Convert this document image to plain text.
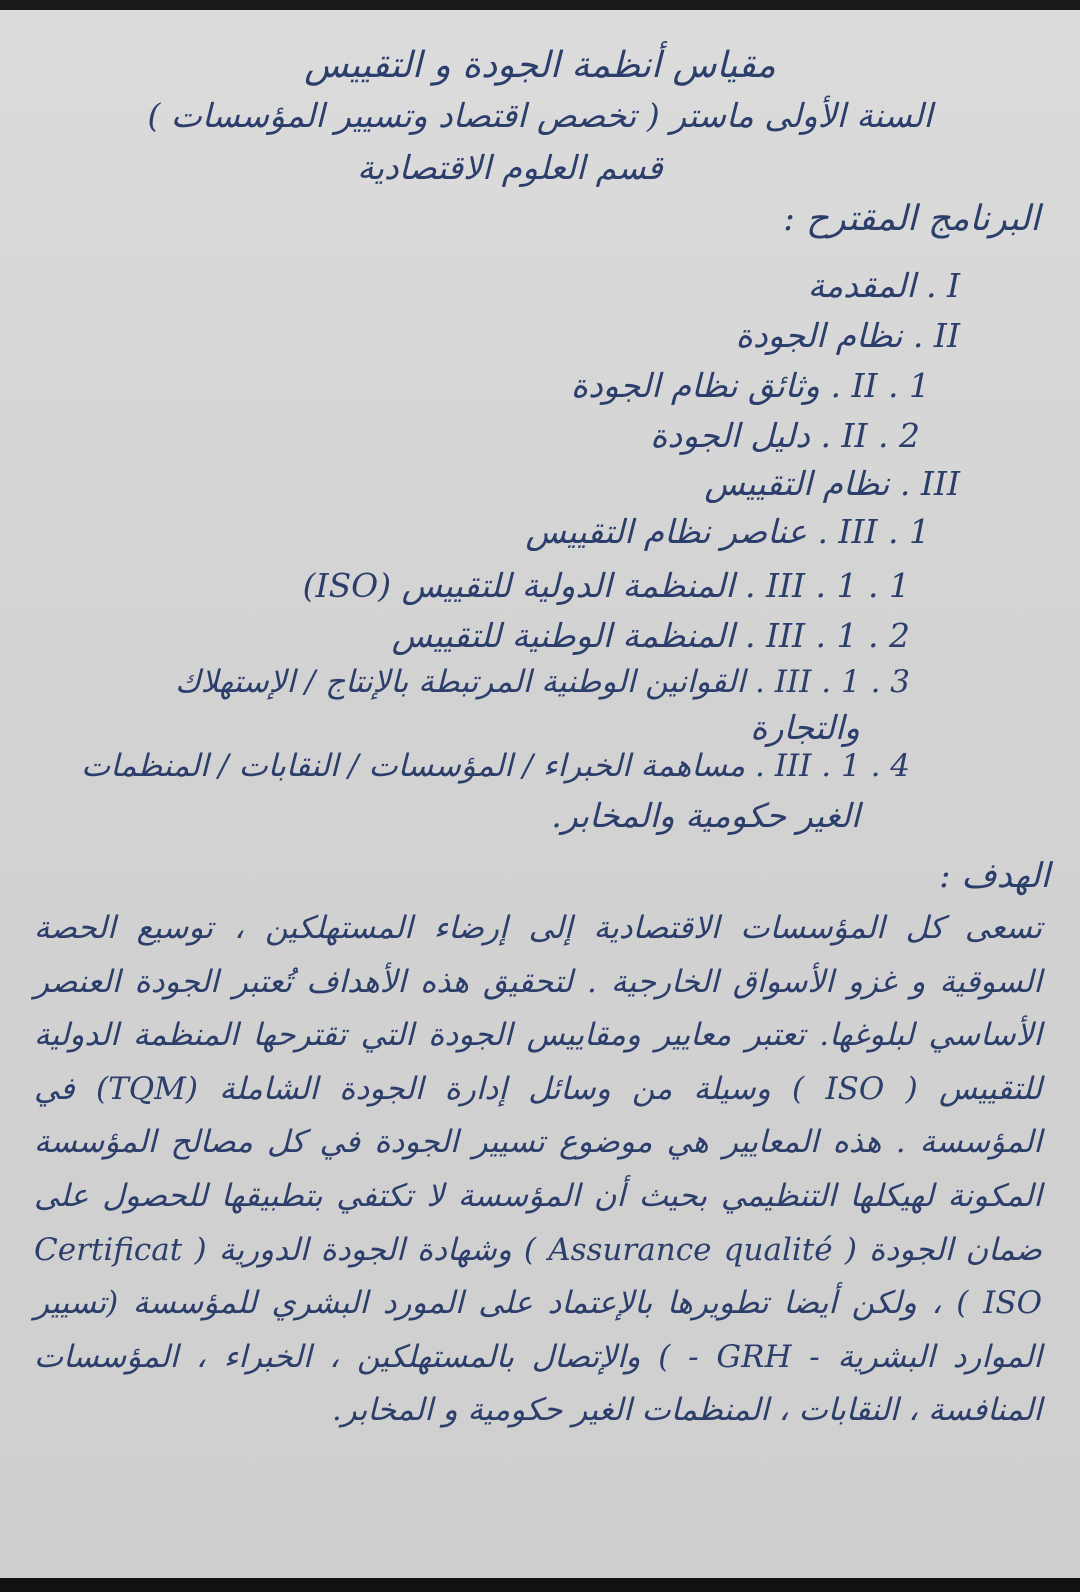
مقياس أنظمة الجودة و التقييس
السنة الأولى ماستر ( تخصص اقتصاد وتسيير المؤسسات )
قسم العلوم الاقتصادية
البرنامج المقترح :
I . المقدمة
II . نظام الجودة
II . 1 . وثائق نظام الجودة
II . 2 . دليل الجودة
III . نظام التقييس
III . 1 . عناصر نظام التقييس
III . 1 . 1 . المنظمة الدولية للتقييس (ISO)
III . 1 . 2 . المنظمة الوطنية للتقييس
III . 1 . 3 . القوانين الوطنية المرتبطة بالإنتاج / الإستهلاك
والتجارة
III . 1 . 4 . مساهمة الخبراء / المؤسسات / النقابات / المنظمات
الغير حكومية والمخابر.
الهدف :
تسعى كل المؤسسات الاقتصادية إلى إرضاء المستهلكين ، توسيع الحصة السوقية و غزو الأسواق الخارجية . لتحقيق هذه الأهداف تُعتبر الجودة العنصر الأساسي لبلوغها. تعتبر معايير ومقاييس الجودة التي تقترحها المنظمة الدولية للتقييس ( ISO ) وسيلة من وسائل إدارة الجودة الشاملة (TQM) في المؤسسة . هذه المعايير هي موضوع تسيير الجودة في كل مصالح المؤسسة المكونة لهيكلها التنظيمي بحيث أن المؤسسة لا تكتفي بتطبيقها للحصول على ضمان الجودة ( Assurance qualité ) وشهادة الجودة الدورية ( Certificat ISO ) ، ولكن أيضا تطويرها بالإعتماد على المورد البشري للمؤسسة (تسيير الموارد البشرية - GRH - ) والإتصال بالمستهلكين ، الخبراء ، المؤسسات المنافسة ، النقابات ، المنظمات الغير حكومية و المخابر.
